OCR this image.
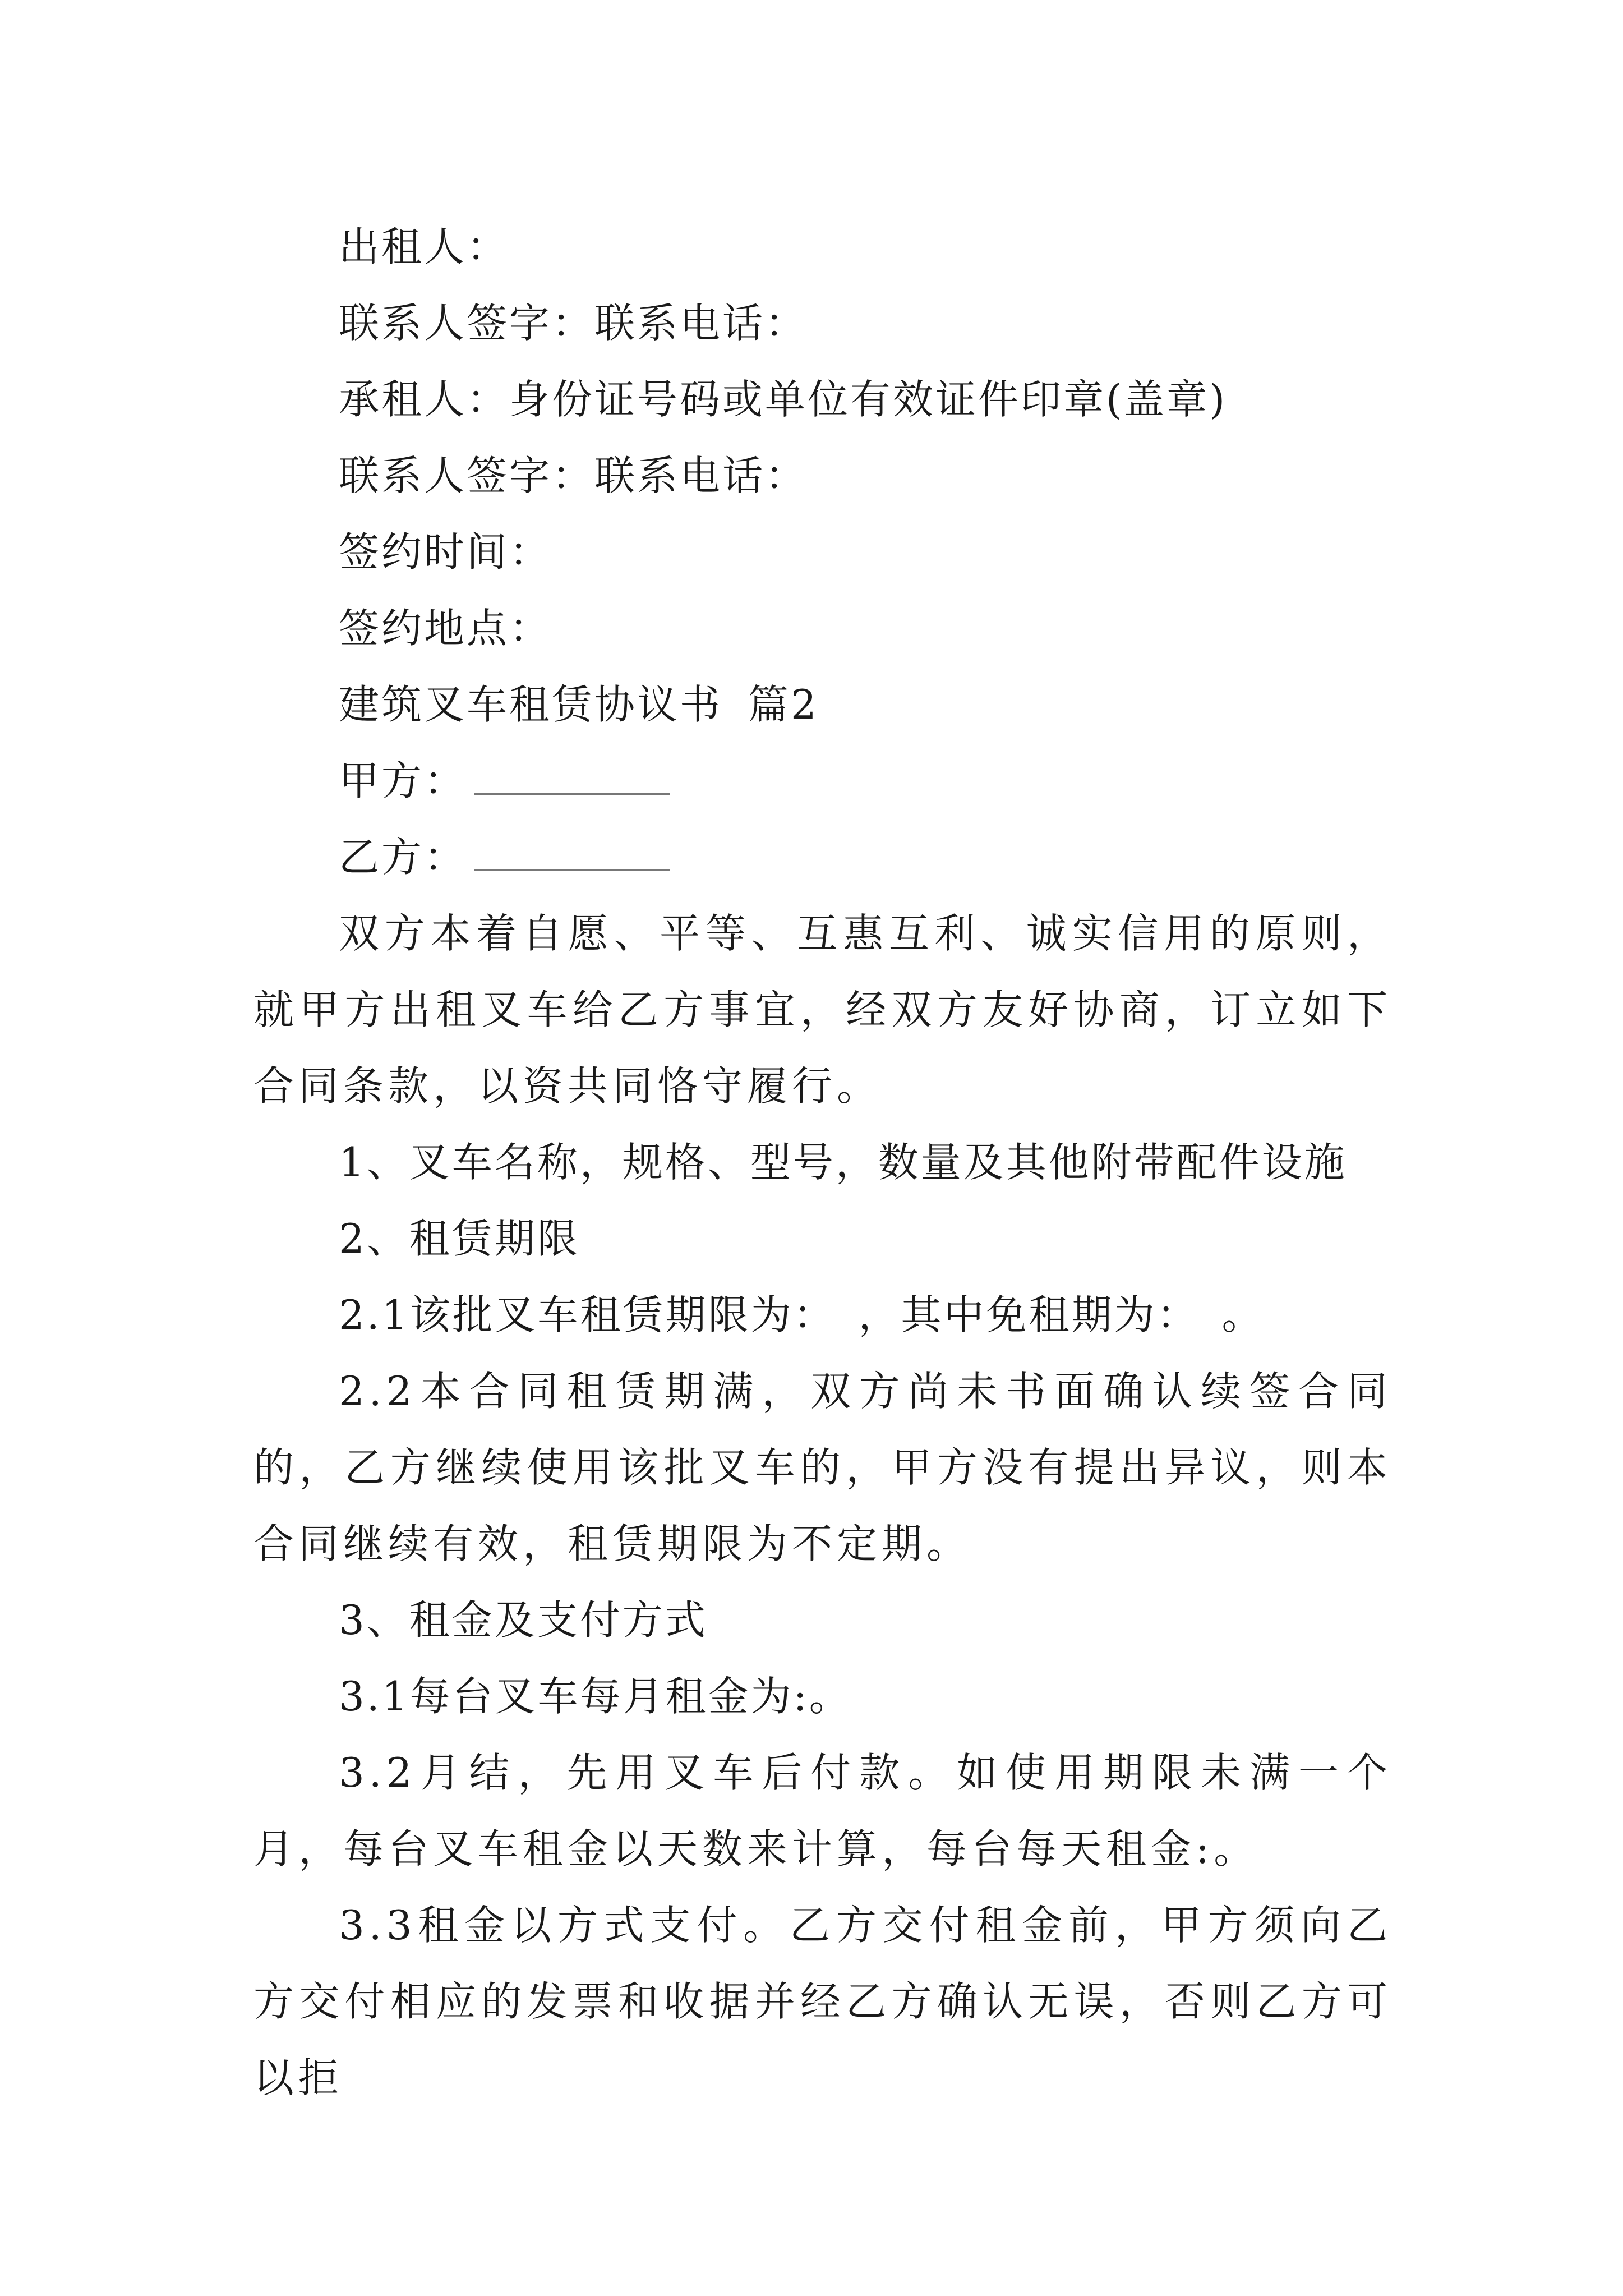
出租人：
联系人签字：联系电话：
承租人：身份证号码或单位有效证件印章(盖章)
联系人签字：联系电话：
签约时间：
签约地点：
建筑叉车租赁协议书 篇2
甲方：
乙方：
双方本着自愿、平等、互惠互利、诚实信用的原则，就甲方出租叉车给乙方事宜，经双方友好协商，订立如下合同条款，以资共同恪守履行。
1、叉车名称，规格、型号，数量及其他附带配件设施
2、租赁期限
2.1该批叉车租赁期限为：　，其中免租期为：　。
2.2本合同租赁期满，双方尚未书面确认续签合同的，乙方继续使用该批叉车的，甲方没有提出异议，则本合同继续有效，租赁期限为不定期。
3、租金及支付方式
3.1每台叉车每月租金为:。
3.2月结，先用叉车后付款。如使用期限未满一个月，每台叉车租金以天数来计算，每台每天租金:。
3.3租金以方式支付。乙方交付租金前，甲方须向乙方交付相应的发票和收据并经乙方确认无误，否则乙方可以拒
